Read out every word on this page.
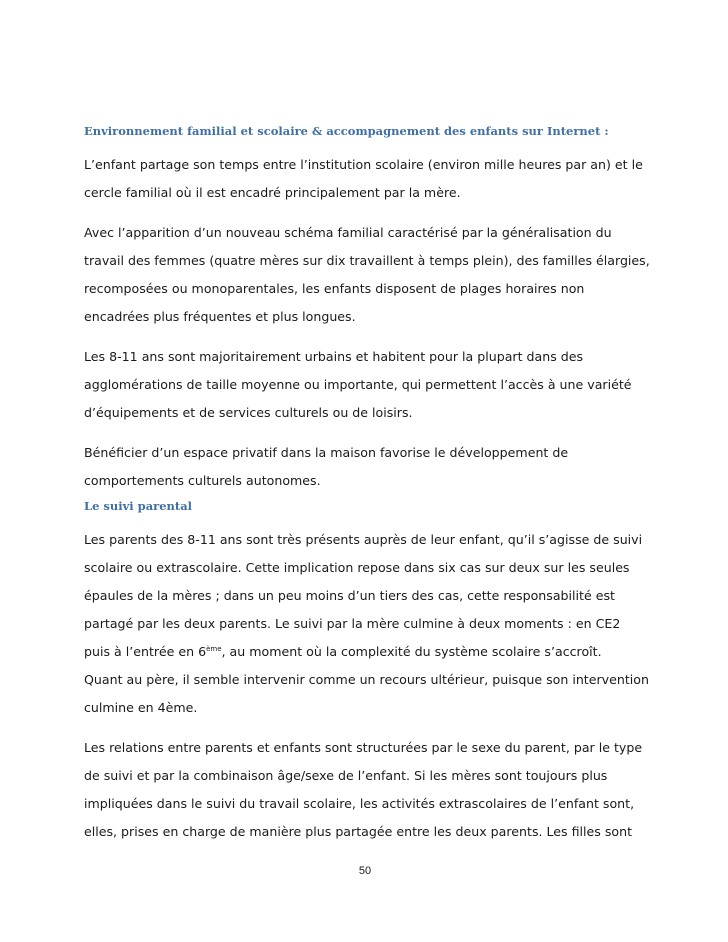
Environnement familial et scolaire & accompagnement des enfants sur Internet :

L’enfant partage son temps entre l’institution scolaire (environ mille heures par an) et le
cercle familial où il est encadré principalement par la mère.

Avec l’apparition d’un nouveau schéma familial caractérisé par la généralisation du
travail des femmes (quatre mères sur dix travaillent à temps plein), des familles élargies,
recomposées ou monoparentales, les enfants disposent de plages horaires non
encadrées plus fréquentes et plus longues.

Les 8-11 ans sont majoritairement urbains et habitent pour la plupart dans des
agglomérations de taille moyenne ou importante, qui permettent l’accès à une variété
d’équipements et de services culturels ou de loisirs.

Bénéficier d’un espace privatif dans la maison favorise le développement de
comportements culturels autonomes.

Le suivi parental

Les parents des 8-11 ans sont très présents auprès de leur enfant, qu’il s’agisse de suivi
scolaire ou extrascolaire. Cette implication repose dans six cas sur deux sur les seules
épaules de la mères ; dans un peu moins d’un tiers des cas, cette responsabilité est
partagé par les deux parents. Le suivi par la mère culmine à deux moments : en CE2
puis à l’entrée en 6ème, au moment où la complexité du système scolaire s’accroît.
Quant au père, il semble intervenir comme un recours ultérieur, puisque son intervention
culmine en 4ème.

Les relations entre parents et enfants sont structurées par le sexe du parent, par le type
de suivi et par la combinaison âge/sexe de l’enfant. Si les mères sont toujours plus
impliquées dans le suivi du travail scolaire, les activités extrascolaires de l’enfant sont,
elles, prises en charge de manière plus partagée entre les deux parents. Les filles sont

50
